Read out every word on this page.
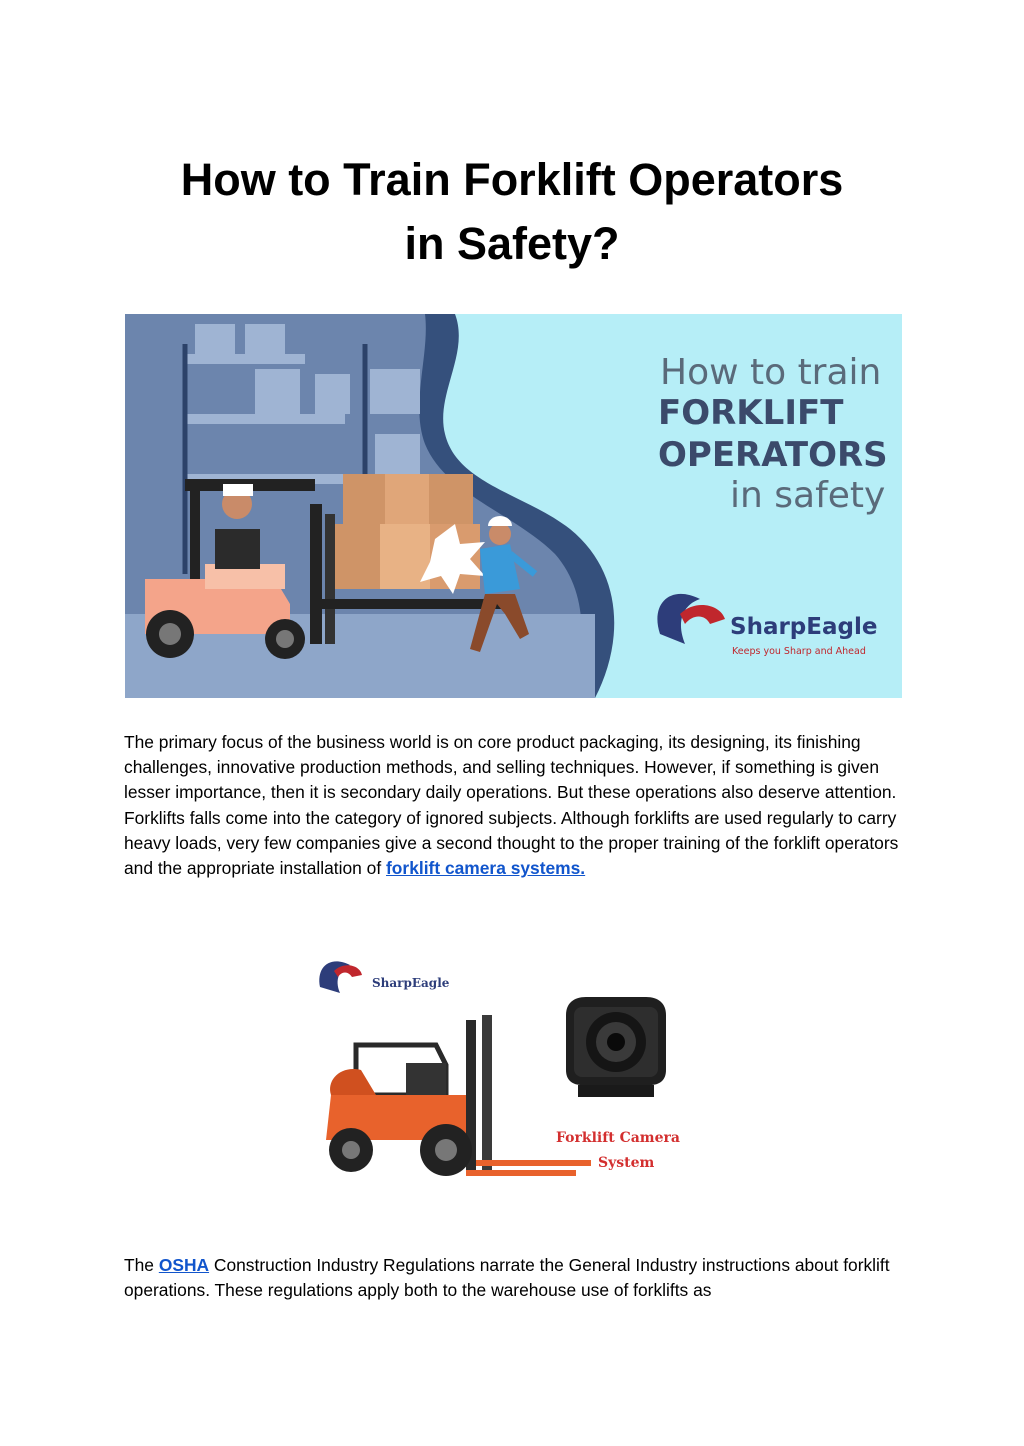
How to Train Forklift Operators
in Safety?
How to train
FORKLIFT
OPERATORS
in safety
SharpEagle
Keeps you Sharp and Ahead

The primary focus of the business world is on core product packaging, its designing, its finishing challenges, innovative production methods, and selling techniques. However, if something is given lesser importance, then it is secondary daily operations. But these operations also deserve attention. Forklifts falls come into the category of ignored subjects. Although forklifts are used regularly to carry heavy loads, very few companies give a second thought to the proper training of the forklift operators and the appropriate installation of forklift camera systems.

SharpEagle
Forklift Camera
System

The OSHA Construction Industry Regulations narrate the General Industry instructions about forklift operations. These regulations apply both to the warehouse use of forklifts as
